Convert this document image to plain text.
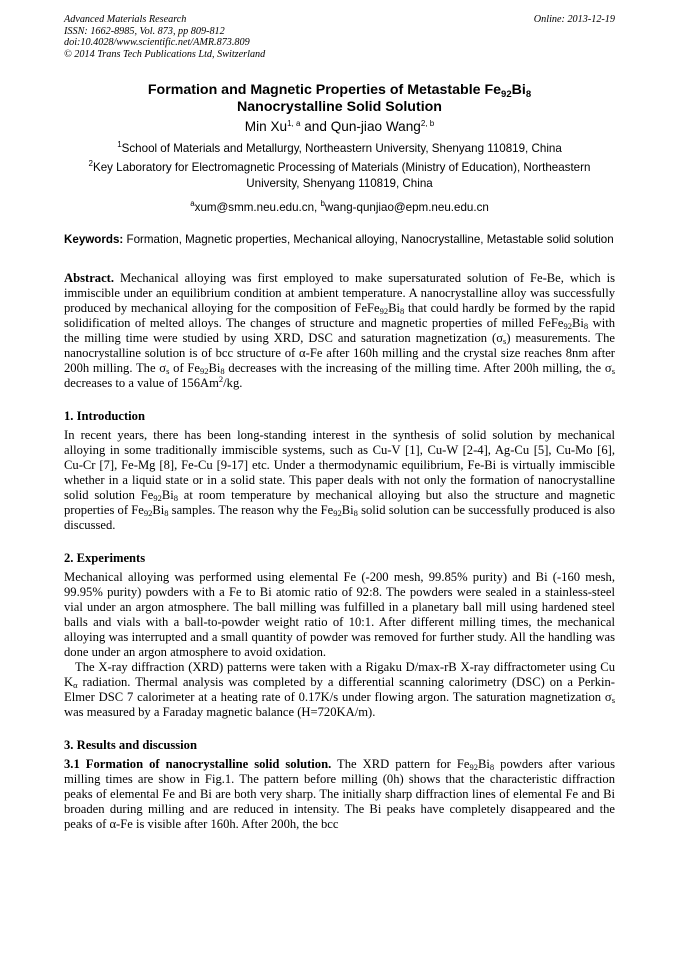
Advanced Materials Research
ISSN: 1662-8985, Vol. 873, pp 809-812
doi:10.4028/www.scientific.net/AMR.873.809
© 2014 Trans Tech Publications Ltd, Switzerland
Online: 2013-12-19
Formation and Magnetic Properties of Metastable $Fe_{92}Bi_8$
Nanocrystalline Solid Solution
Min Xu$^{1, a}$ and Qun-jiao Wang$^{2, b}$
$^1$School of Materials and Metallurgy, Northeastern University, Shenyang 110819, China
$^2$Key Laboratory for Electromagnetic Processing of Materials (Ministry of Education), Northeastern University, Shenyang 110819, China
$^a$xum@smm.neu.edu.cn, $^b$wang-qunjiao@epm.neu.edu.cn
Keywords: Formation, Magnetic properties, Mechanical alloying, Nanocrystalline, Metastable solid solution

Abstract. Mechanical alloying was first employed to make supersaturated solution of Fe-Be, which is immiscible under an equilibrium condition at ambient temperature. A nanocrystalline alloy was successfully produced by mechanical alloying for the composition of $FeFe_{92}Bi_8$ that could hardly be formed by the rapid solidification of melted alloys. The changes of structure and magnetic properties of milled $FeFe_{92}Bi_8$ with the milling time were studied by using XRD, DSC and saturation magnetization $(\sigma_s)$ measurements. The nanocrystalline solution is of bcc structure of α-Fe after 160h milling and the crystal size reaches 8nm after 200h milling. The $\sigma_s$ of $Fe_{92}Bi_8$ decreases with the increasing of the milling time. After 200h milling, the $\sigma_s$ decreases to a value of 156Am$^2$/kg.

1. Introduction

In recent years, there has been long-standing interest in the synthesis of solid solution by mechanical alloying in some traditionally immiscible systems, such as Cu-V [1], Cu-W [2-4], Ag-Cu [5], Cu-Mo [6], Cu-Cr [7], Fe-Mg [8], Fe-Cu [9-17] etc. Under a thermodynamic equilibrium, Fe-Bi is virtually immiscible whether in a liquid state or in a solid state. This paper deals with not only the formation of nanocrystalline solid solution $Fe_{92}Bi_8$ at room temperature by mechanical alloying but also the structure and magnetic properties of $Fe_{92}Bi_8$ samples. The reason why the $Fe_{92}Bi_8$ solid solution can be successfully produced is also discussed.

2. Experiments

Mechanical alloying was performed using elemental Fe (-200 mesh, 99.85% purity) and Bi (-160 mesh, 99.95% purity) powders with a Fe to Bi atomic ratio of 92:8. The powders were sealed in a stainless-steel vial under an argon atmosphere. The ball milling was fulfilled in a planetary ball mill using hardened steel balls and vials with a ball-to-powder weight ratio of 10:1. After different milling times, the mechanical alloying was interrupted and a small quantity of powder was removed for further study. All the handling was done under an argon atmosphere to avoid oxidation.

The X-ray diffraction (XRD) patterns were taken with a Rigaku D/max-rB X-ray diffractometer using Cu $K_\alpha$ radiation. Thermal analysis was completed by a differential scanning calorimetry (DSC) on a Perkin-Elmer DSC 7 calorimeter at a heating rate of 0.17K/s under flowing argon. The saturation magnetization $\sigma_s$ was measured by a Faraday magnetic balance (H=720KA/m).

3. Results and discussion

3.1 Formation of nanocrystalline solid solution. The XRD pattern for $Fe_{92}Bi_8$ powders after various milling times are show in Fig.1. The pattern before milling (0h) shows that the characteristic diffraction peaks of elemental Fe and Bi are both very sharp. The initially sharp diffraction lines of elemental Fe and Bi broaden during milling and are reduced in intensity. The Bi peaks have completely disappeared and the peaks of α-Fe is visible after 160h. After 200h, the bcc
